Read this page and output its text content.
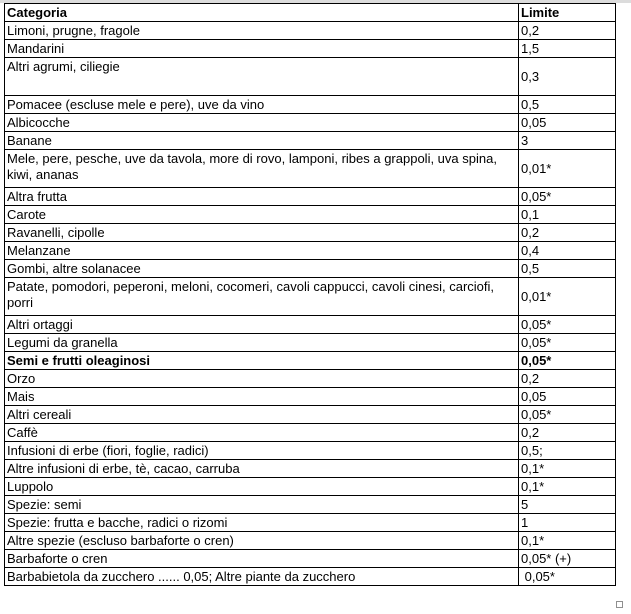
Categoria	Limite
Limoni, prugne, fragole	0,2
Mandarini	1,5
Altri agrumi, ciliegie	0,3
Pomacee (escluse mele e pere), uve da vino	0,5
Albicocche	0,05
Banane	3
Mele, pere, pesche, uve da tavola, more di rovo, lamponi, ribes a grappoli, uva spina, kiwi, ananas	0,01*
Altra frutta	0,05*
Carote	0,1
Ravanelli, cipolle	0,2
Melanzane	0,4
Gombi, altre solanacee	0,5
Patate, pomodori, peperoni, meloni, cocomeri, cavoli cappucci, cavoli cinesi, carciofi, porri	0,01*
Altri ortaggi	0,05*
Legumi da granella	0,05*
Semi e frutti oleaginosi	0,05*
Orzo	0,2
Mais	0,05
Altri cereali	0,05*
Caffè	0,2
Infusioni di erbe (fiori, foglie, radici)	0,5;
Altre infusioni di erbe, tè, cacao, carruba	0,1*
Luppolo	0,1*
Spezie: semi	5
Spezie: frutta e bacche, radici o rizomi	1
Altre spezie (escluso barbaforte o cren)	0,1*
Barbaforte o cren	0,05* (+)
Barbabietola da zucchero ...... 0,05; Altre piante da zucchero	0,05*
